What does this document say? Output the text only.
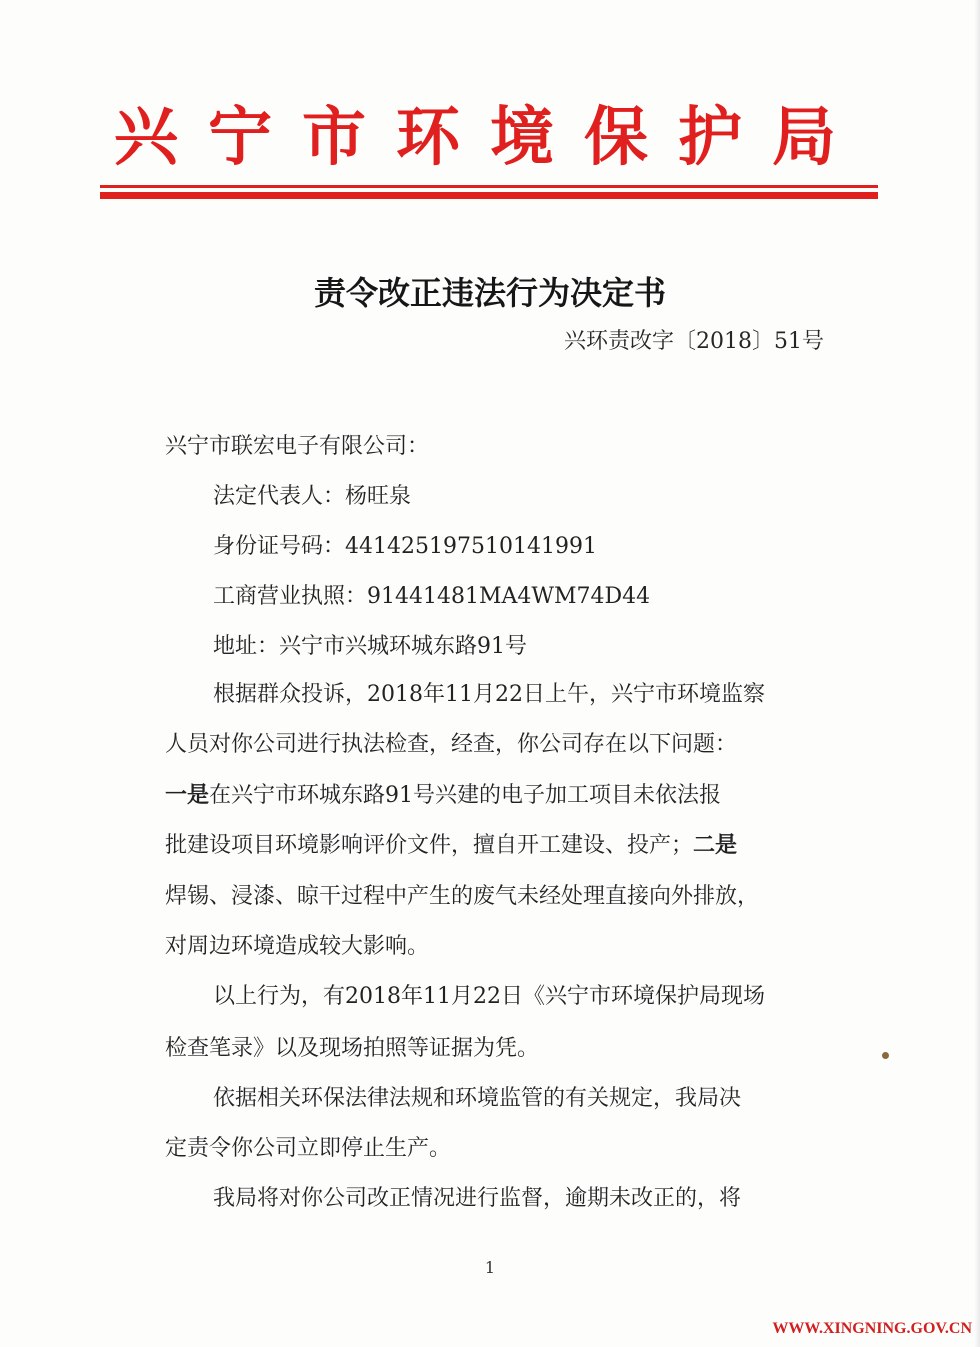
兴宁市环境保护局
责令改正违法行为决定书
兴环责改字〔2018〕51号
兴宁市联宏电子有限公司：
法定代表人：杨旺泉
身份证号码：441425197510141991
工商营业执照：91441481MA4WM74D44
地址：兴宁市兴城环城东路91号
根据群众投诉，2018年11月22日上午，兴宁市环境监察
人员对你公司进行执法检查，经查，你公司存在以下问题：
一是在兴宁市环城东路91号兴建的电子加工项目未依法报
批建设项目环境影响评价文件，擅自开工建设、投产；二是
焊锡、浸漆、晾干过程中产生的废气未经处理直接向外排放，
对周边环境造成较大影响。
以上行为，有2018年11月22日《兴宁市环境保护局现场
检查笔录》以及现场拍照等证据为凭。
依据相关环保法律法规和环境监管的有关规定，我局决
定责令你公司立即停止生产。
我局将对你公司改正情况进行监督，逾期未改正的，将
1
WWW.XINGNING.GOV.CN
